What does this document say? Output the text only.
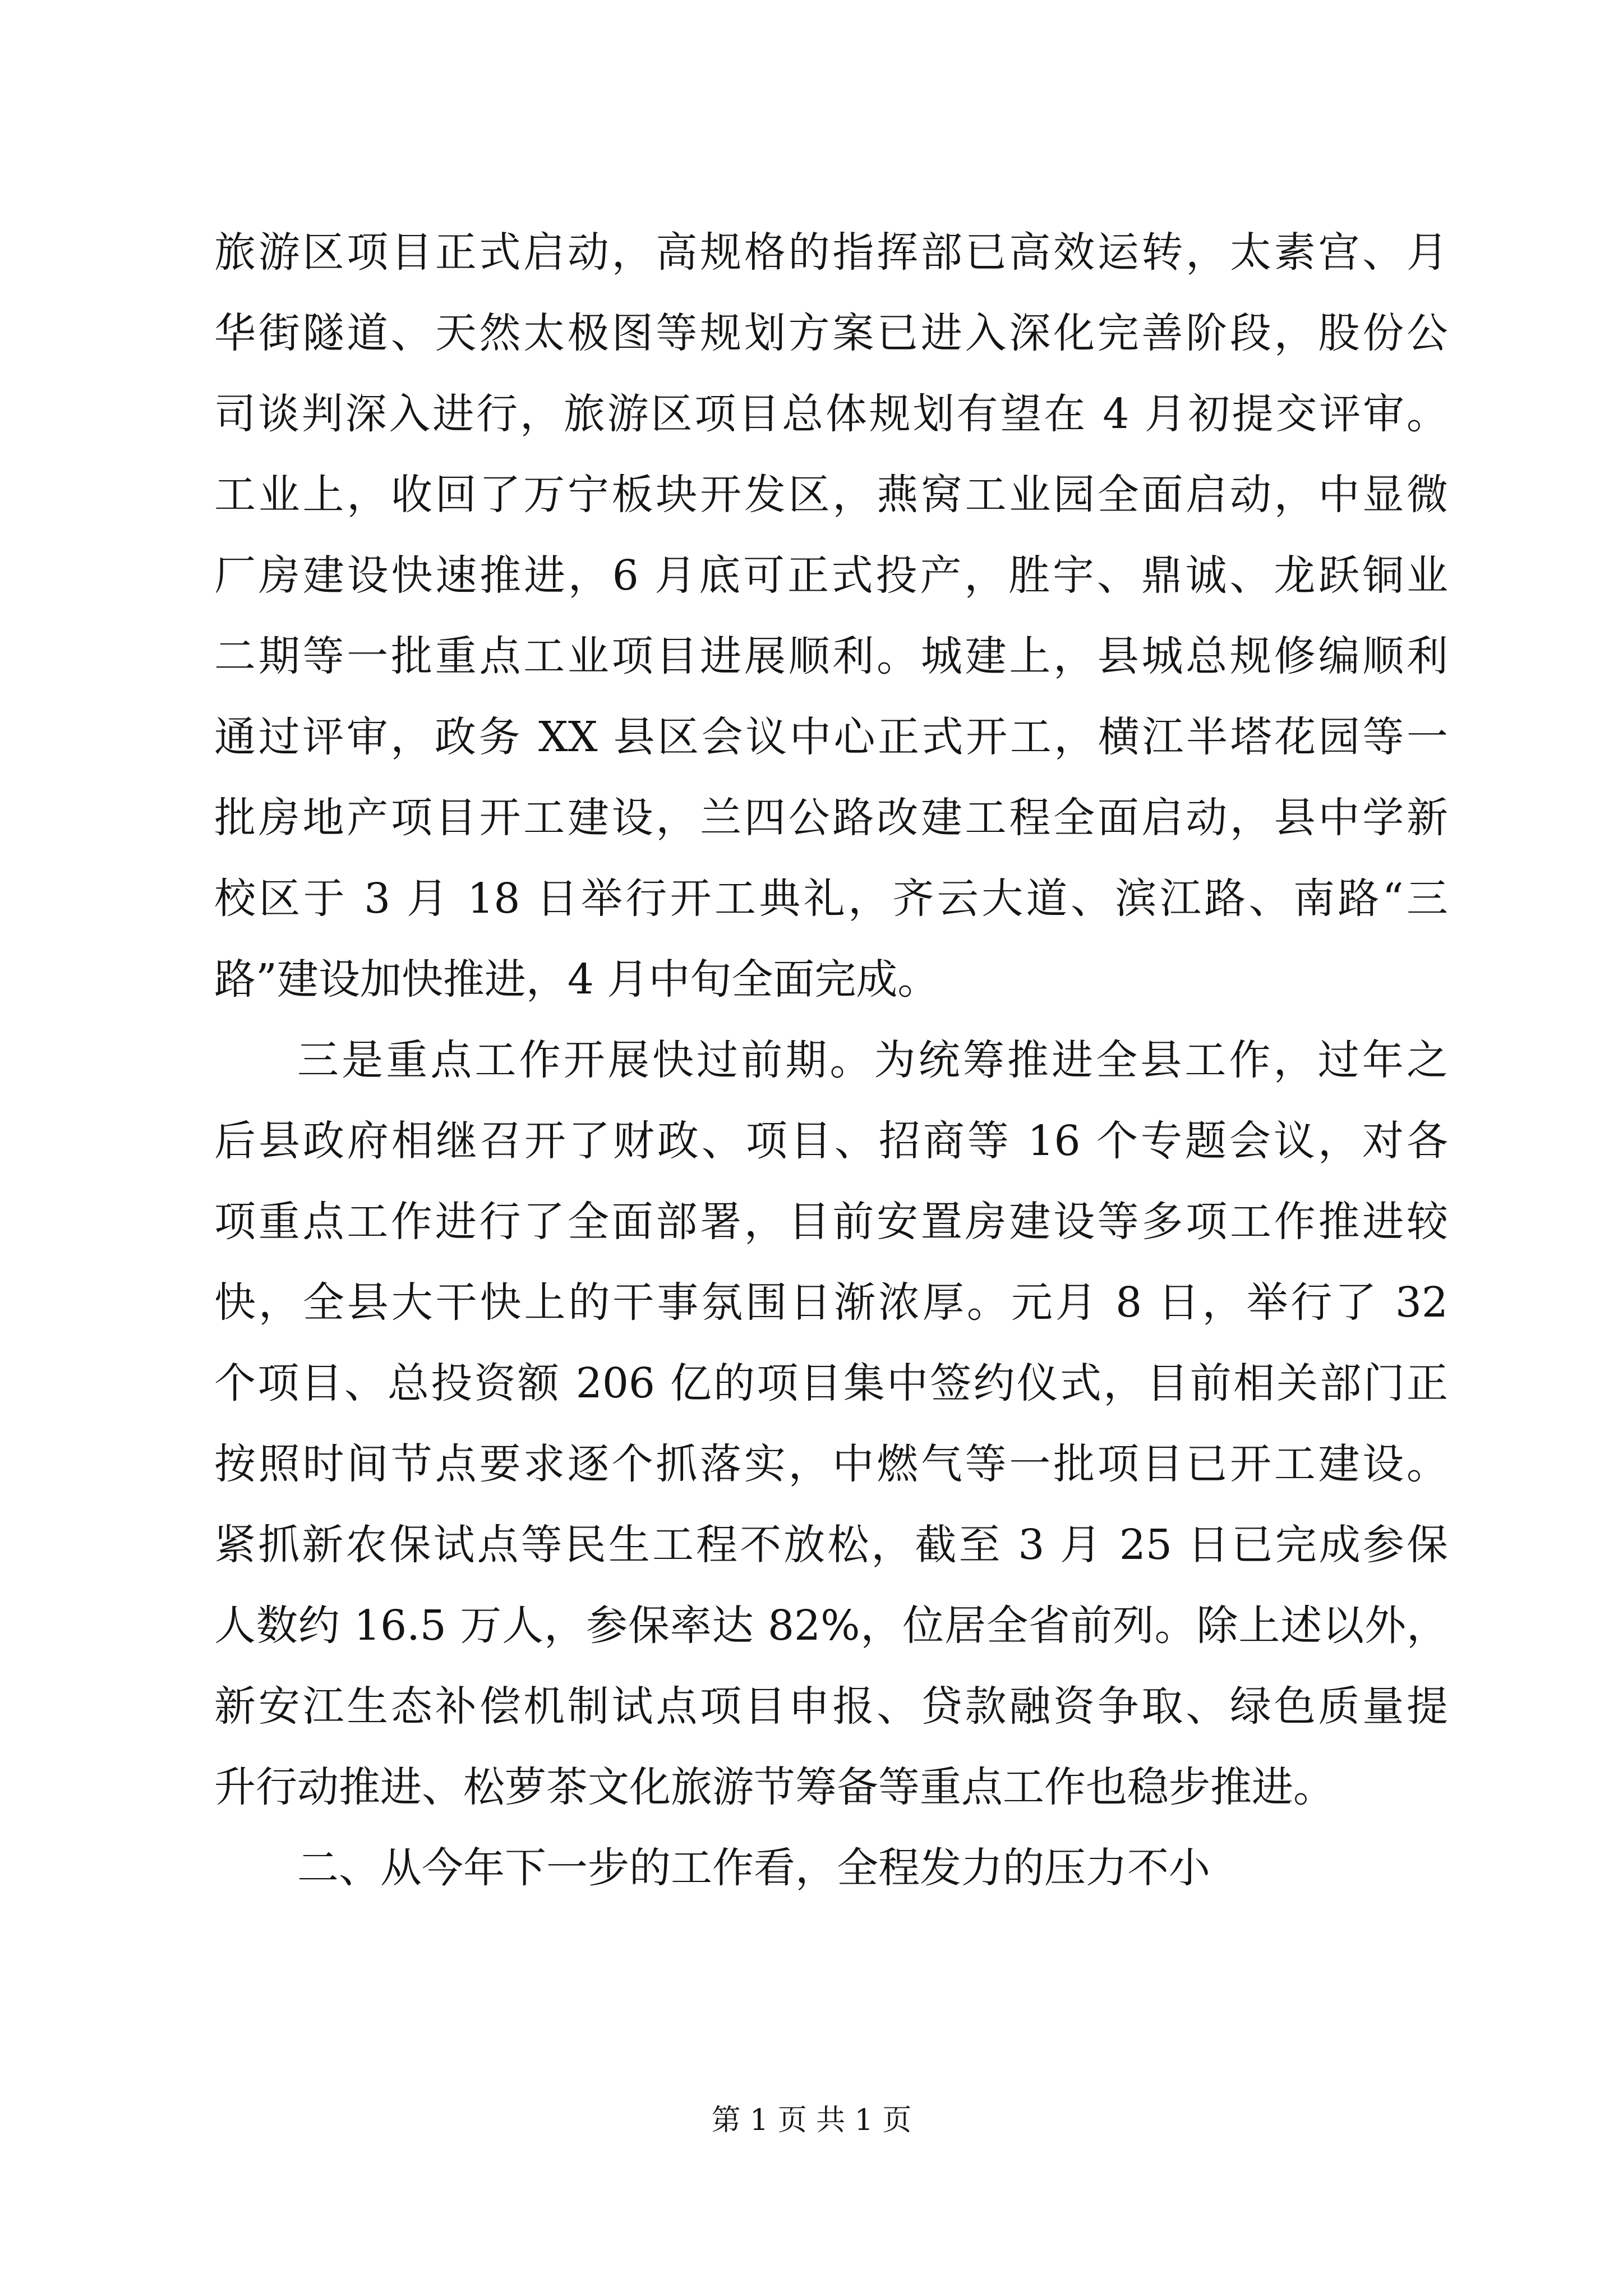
旅游区项目正式启动，高规格的指挥部已高效运转，太素宫、月
华街隧道、天然太极图等规划方案已进入深化完善阶段，股份公
司谈判深入进行，旅游区项目总体规划有望在 4 月初提交评审。
工业上，收回了万宁板块开发区，燕窝工业园全面启动，中显微
厂房建设快速推进，6 月底可正式投产，胜宇、鼎诚、龙跃铜业
二期等一批重点工业项目进展顺利。城建上，县城总规修编顺利
通过评审，政务 XX 县区会议中心正式开工，横江半塔花园等一
批房地产项目开工建设，兰四公路改建工程全面启动，县中学新
校区于 3 月 18 日举行开工典礼，齐云大道、滨江路、南路“三
路”建设加快推进，4 月中旬全面完成。
三是重点工作开展快过前期。为统筹推进全县工作，过年之
后县政府相继召开了财政、项目、招商等 16 个专题会议，对各
项重点工作进行了全面部署，目前安置房建设等多项工作推进较
快，全县大干快上的干事氛围日渐浓厚。元月 8 日，举行了 32
个项目、总投资额 206 亿的项目集中签约仪式，目前相关部门正
按照时间节点要求逐个抓落实，中燃气等一批项目已开工建设。
紧抓新农保试点等民生工程不放松，截至 3 月 25 日已完成参保
人数约 16.5 万人，参保率达 82%，位居全省前列。除上述以外，
新安江生态补偿机制试点项目申报、贷款融资争取、绿色质量提
升行动推进、松萝茶文化旅游节筹备等重点工作也稳步推进。
二、从今年下一步的工作看，全程发力的压力不小
第 1 页 共 1 页
